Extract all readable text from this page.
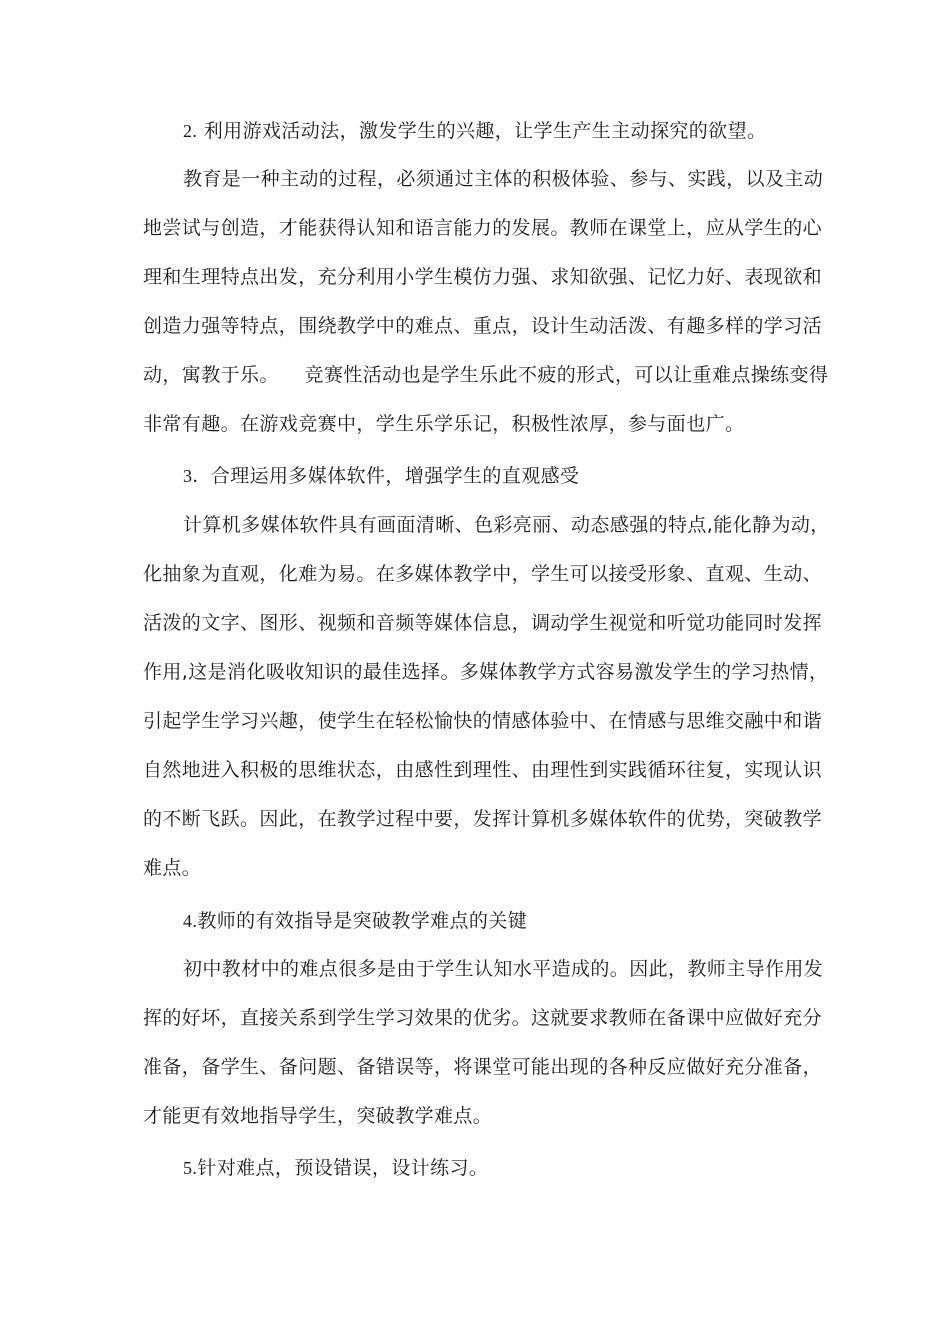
2. 利用游戏活动法，激发学生的兴趣，让学生产生主动探究的欲望。
教育是一种主动的过程，必须通过主体的积极体验、参与、实践，以及主动
地尝试与创造，才能获得认知和语言能力的发展。教师在课堂上，应从学生的心
理和生理特点出发，充分利用小学生模仿力强、求知欲强、记忆力好、表现欲和
创造力强等特点，围绕教学中的难点、重点，设计生动活泼、有趣多样的学习活
动，寓教于乐。    竞赛性活动也是学生乐此不疲的形式，可以让重难点操练变得
非常有趣。在游戏竞赛中，学生乐学乐记，积极性浓厚，参与面也广。
3．合理运用多媒体软件，增强学生的直观感受
计算机多媒体软件具有画面清晰、色彩亮丽、动态感强的特点,能化静为动，
化抽象为直观，化难为易。在多媒体教学中，学生可以接受形象、直观、生动、
活泼的文字、图形、视频和音频等媒体信息，调动学生视觉和听觉功能同时发挥
作用,这是消化吸收知识的最佳选择。多媒体教学方式容易激发学生的学习热情，
引起学生学习兴趣，使学生在轻松愉快的情感体验中、在情感与思维交融中和谐
自然地进入积极的思维状态，由感性到理性、由理性到实践循环往复，实现认识
的不断飞跃。因此，在教学过程中要，发挥计算机多媒体软件的优势，突破教学
难点。
4.教师的有效指导是突破教学难点的关键
初中教材中的难点很多是由于学生认知水平造成的。因此，教师主导作用发
挥的好坏，直接关系到学生学习效果的优劣。这就要求教师在备课中应做好充分
准备，备学生、备问题、备错误等，将课堂可能出现的各种反应做好充分准备，
才能更有效地指导学生，突破教学难点。
5.针对难点，预设错误，设计练习。
